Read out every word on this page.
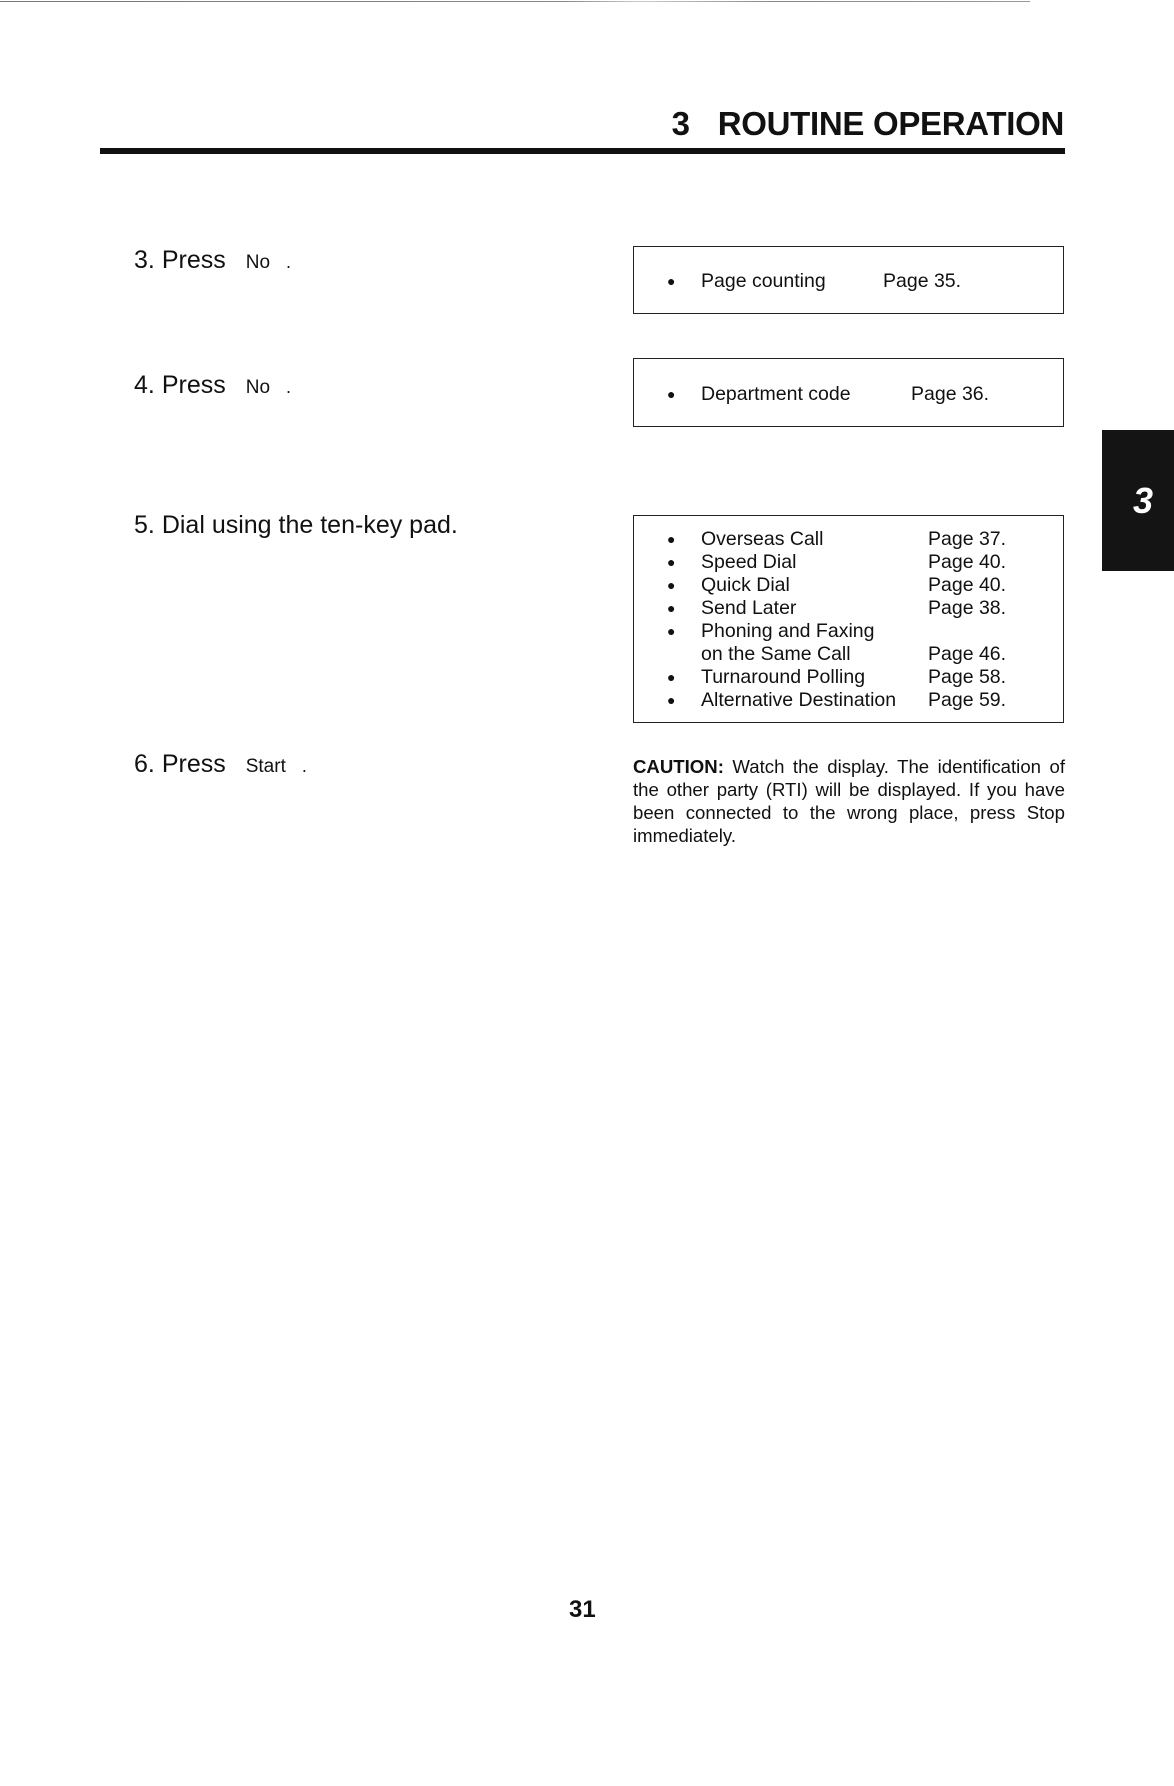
3 ROUTINE OPERATION
3. Press No .
4. Press No .
5. Dial using the ten-key pad.
6. Press Start .
● Page counting	Page 35.
● Department code	Page 36.
● Overseas Call	Page 37.
● Speed Dial	Page 40.
● Quick Dial	Page 40.
● Send Later	Page 38.
● Phoning and Faxing
on the Same Call	Page 46.
● Turnaround Polling	Page 58.
● Alternative Destination Page 59.
CAUTION: Watch the display. The identification of the other party (RTI) will be displayed. If you have been connected to the wrong place, press Stop immediately.
3
31
